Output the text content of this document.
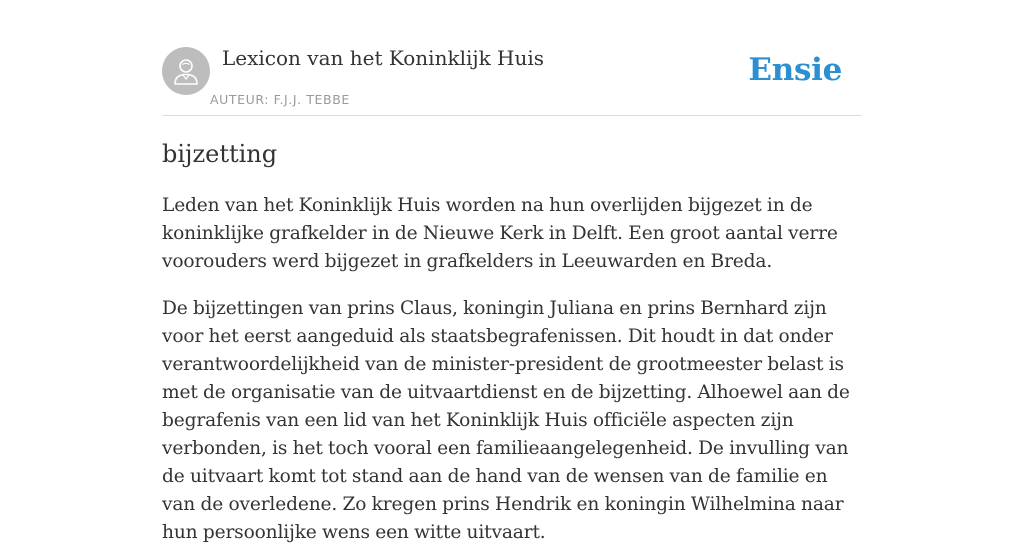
Lexicon van het Koninklijk Huis
AUTEUR: F.J.J. TEBBE
Ensie
bijzetting

Leden van het Koninklijk Huis worden na hun overlijden bijgezet in de koninklijke grafkelder in de Nieuwe Kerk in Delft. Een groot aantal verre voorouders werd bijgezet in grafkelders in Leeuwarden en Breda.

De bijzettingen van prins Claus, koningin Juliana en prins Bernhard zijn voor het eerst aangeduid als staatsbegrafenissen. Dit houdt in dat onder verantwoordelijkheid van de minister-president de grootmeester belast is met de organisatie van de uitvaartdienst en de bijzetting. Alhoewel aan de begrafenis van een lid van het Koninklijk Huis officiële aspecten zijn verbonden, is het toch vooral een familieaangelegenheid. De invulling van de uitvaart komt tot stand aan de hand van de wensen van de familie en van de overledene. Zo kregen prins Hendrik en koningin Wilhelmina naar hun persoonlijke wens een witte uitvaart.
